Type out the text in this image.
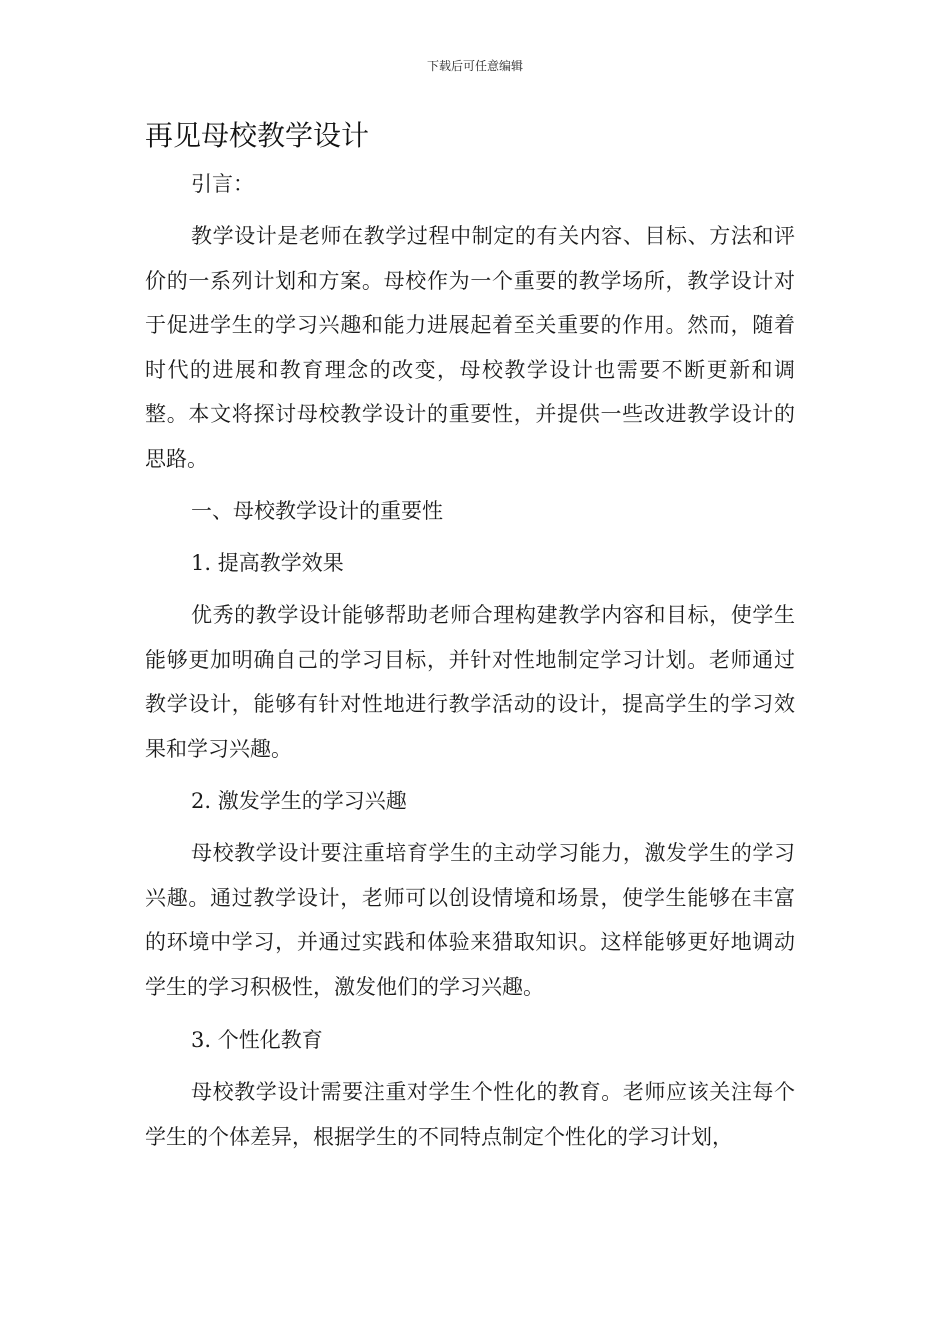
下载后可任意编辑
再见母校教学设计

引言：

教学设计是老师在教学过程中制定的有关内容、目标、方法和评价的一系列计划和方案。母校作为一个重要的教学场所，教学设计对于促进学生的学习兴趣和能力进展起着至关重要的作用。然而，随着时代的进展和教育理念的改变，母校教学设计也需要不断更新和调整。本文将探讨母校教学设计的重要性，并提供一些改进教学设计的思路。

一、母校教学设计的重要性

1. 提高教学效果

优秀的教学设计能够帮助老师合理构建教学内容和目标，使学生能够更加明确自己的学习目标，并针对性地制定学习计划。老师通过教学设计，能够有针对性地进行教学活动的设计，提高学生的学习效果和学习兴趣。

2. 激发学生的学习兴趣

母校教学设计要注重培育学生的主动学习能力，激发学生的学习兴趣。通过教学设计，老师可以创设情境和场景，使学生能够在丰富的环境中学习，并通过实践和体验来猎取知识。这样能够更好地调动学生的学习积极性，激发他们的学习兴趣。

3. 个性化教育

母校教学设计需要注重对学生个性化的教育。老师应该关注每个学生的个体差异，根据学生的不同特点制定个性化的学习计划，
